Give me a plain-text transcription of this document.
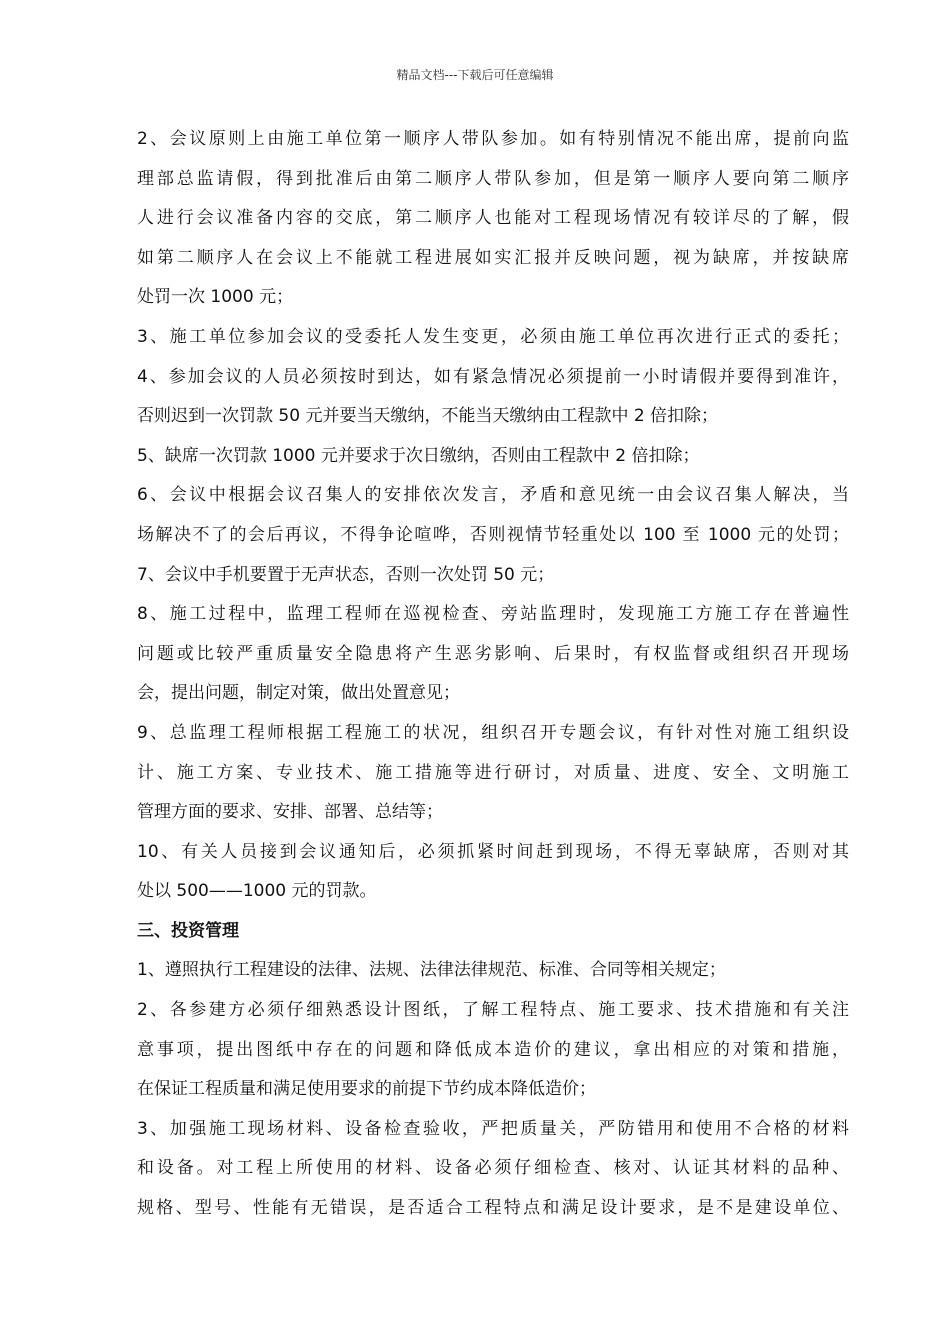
精品文档---下载后可任意编辑
2、会议原则上由施工单位第一顺序人带队参加。如有特别情况不能出席，提前向监
理部总监请假，得到批准后由第二顺序人带队参加，但是第一顺序人要向第二顺序
人进行会议准备内容的交底，第二顺序人也能对工程现场情况有较详尽的了解，假
如第二顺序人在会议上不能就工程进展如实汇报并反映问题，视为缺席，并按缺席
处罚一次 1000 元；
3、施工单位参加会议的受委托人发生变更，必须由施工单位再次进行正式的委托；
4、参加会议的人员必须按时到达，如有紧急情况必须提前一小时请假并要得到准许，
否则迟到一次罚款 50 元并要当天缴纳，不能当天缴纳由工程款中 2 倍扣除；
5、缺席一次罚款 1000 元并要求于次日缴纳，否则由工程款中 2 倍扣除；
6、会议中根据会议召集人的安排依次发言，矛盾和意见统一由会议召集人解决，当
场解决不了的会后再议，不得争论喧哗，否则视情节轻重处以 100 至 1000 元的处罚；
7、会议中手机要置于无声状态，否则一次处罚 50 元；
8、施工过程中，监理工程师在巡视检查、旁站监理时，发现施工方施工存在普遍性
问题或比较严重质量安全隐患将产生恶劣影响、后果时，有权监督或组织召开现场
会，提出问题，制定对策，做出处置意见；
9、总监理工程师根据工程施工的状况，组织召开专题会议，有针对性对施工组织设
计、施工方案、专业技术、施工措施等进行研讨，对质量、进度、安全、文明施工
管理方面的要求、安排、部署、总结等；
10、有关人员接到会议通知后，必须抓紧时间赶到现场，不得无辜缺席，否则对其
处以 500——1000 元的罚款。
三、投资管理
1、遵照执行工程建设的法律、法规、法律法律规范、标准、合同等相关规定；
2、各参建方必须仔细熟悉设计图纸，了解工程特点、施工要求、技术措施和有关注
意事项，提出图纸中存在的问题和降低成本造价的建议，拿出相应的对策和措施，
在保证工程质量和满足使用要求的前提下节约成本降低造价；
3、加强施工现场材料、设备检查验收，严把质量关，严防错用和使用不合格的材料
和设备。对工程上所使用的材料、设备必须仔细检查、核对、认证其材料的品种、
规格、型号、性能有无错误，是否适合工程特点和满足设计要求，是不是建设单位、
